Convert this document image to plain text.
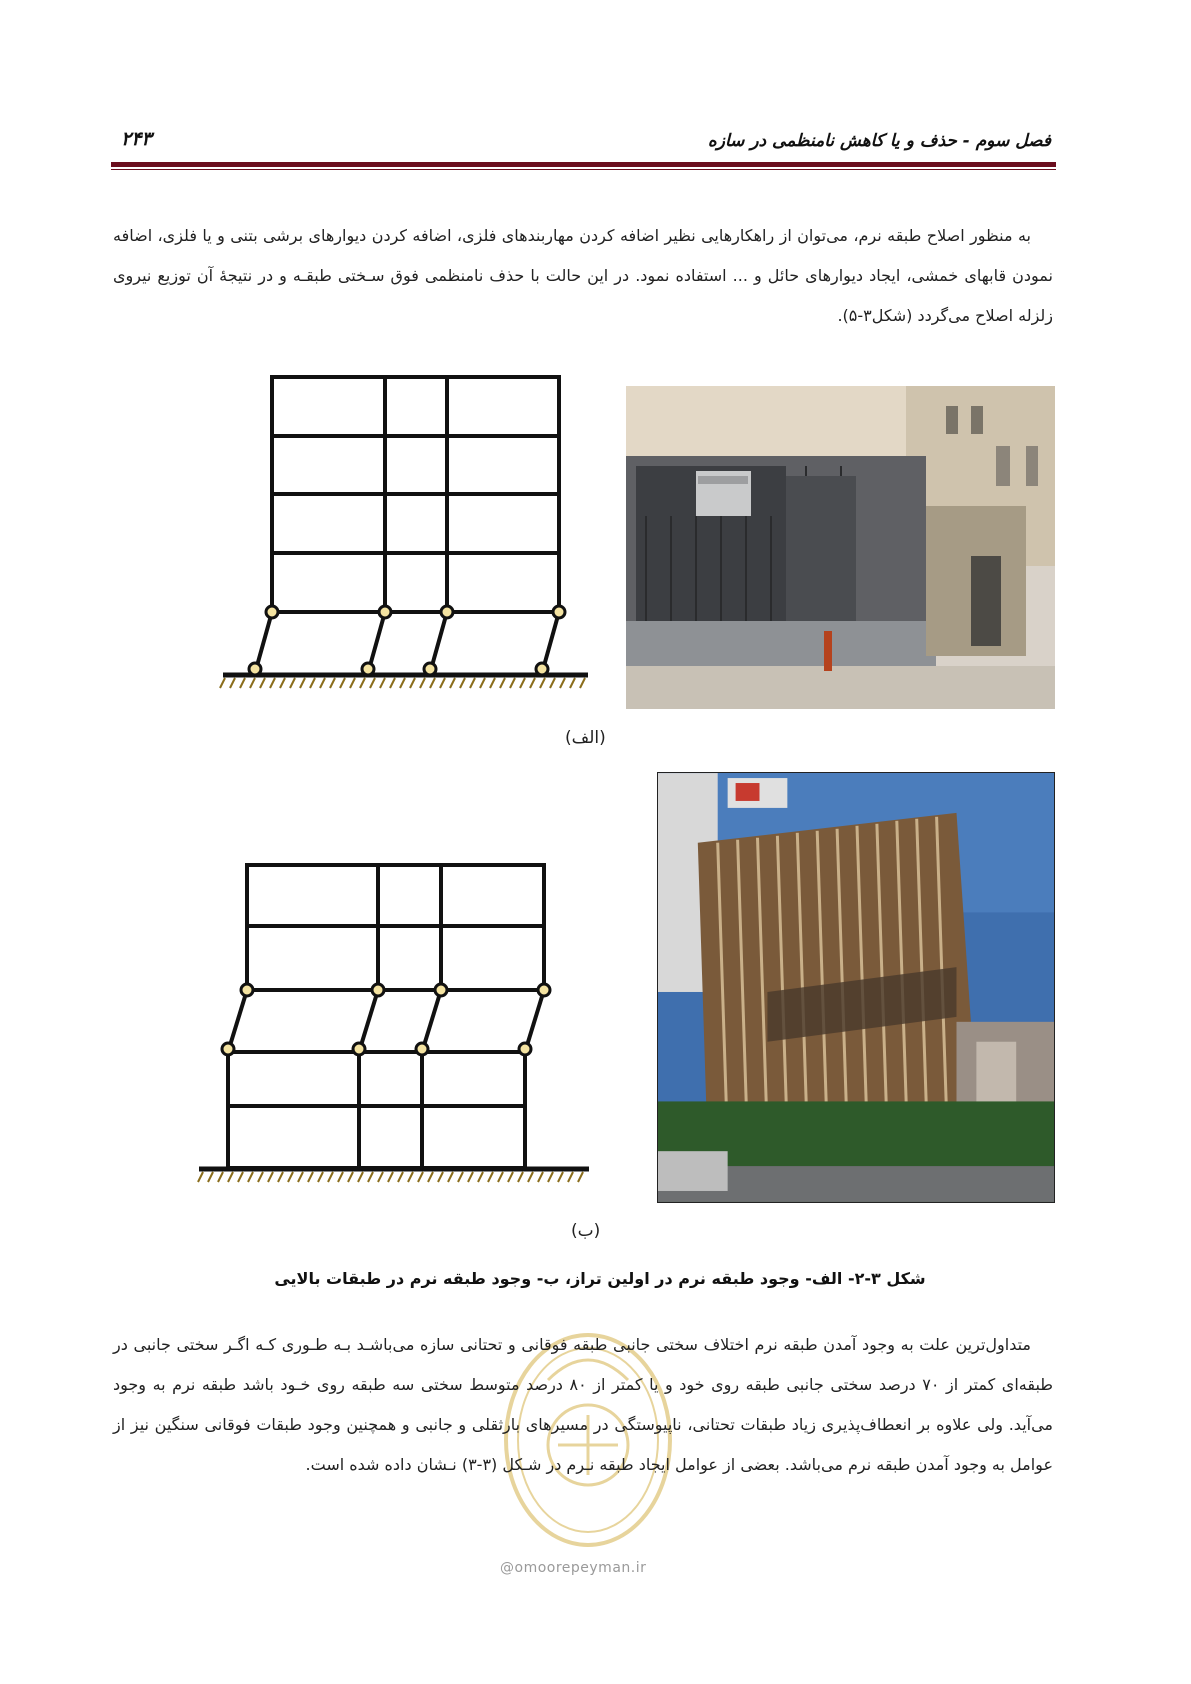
فصل سوم - حذف و یا کاهش نامنظمی در سازه
۲۴۳
به منظور اصلاح طبقه نرم، می‌توان از راهکارهایی نظیر اضافه کردن مهاربندهای فلزی، اضافه کردن دیوارهای برشی بتنی و یا فلزی، اضافه نمودن قابهای خمشی، ایجاد دیوارهای حائل و ... استفاده نمود. در این حالت با حذف نامنظمی فوق سـختی طبقـه و در نتیجهٔ آن توزیع نیروی زلزله اصلاح می‌گردد (شکل۳-۵).
(الف)
(ب)
شکل ۳-۲- الف- وجود طبقه نرم در اولین تراز، ب- وجود طبقه نرم در طبقات بالایی
@omoorepeyman.ir
متداول‌ترین علت به وجود آمدن طبقه نرم اختلاف سختی جانبی طبقه فوقانی و تحتانی سازه می‌باشـد بـه طـوری کـه اگـر سختی جانبی در طبقه‌ای کمتر از ۷۰ درصد سختی جانبی طبقه روی خود و یا کمتر از ۸۰ درصد متوسط سختی سه طبقه روی خـود باشد طبقه نرم به وجود می‌آید. ولی علاوه بر انعطاف‌پذیری زیاد طبقات تحتانی، ناپیوستگی در مسیرهای بارثقلی و جانبی و همچنین وجود طبقات فوقانی سنگین نیز از عوامل به وجود آمدن طبقه نرم می‌باشد. بعضی از عوامل ایجاد طبقه نـرم در شـکل (۳-۳) نـشان داده شده است.
